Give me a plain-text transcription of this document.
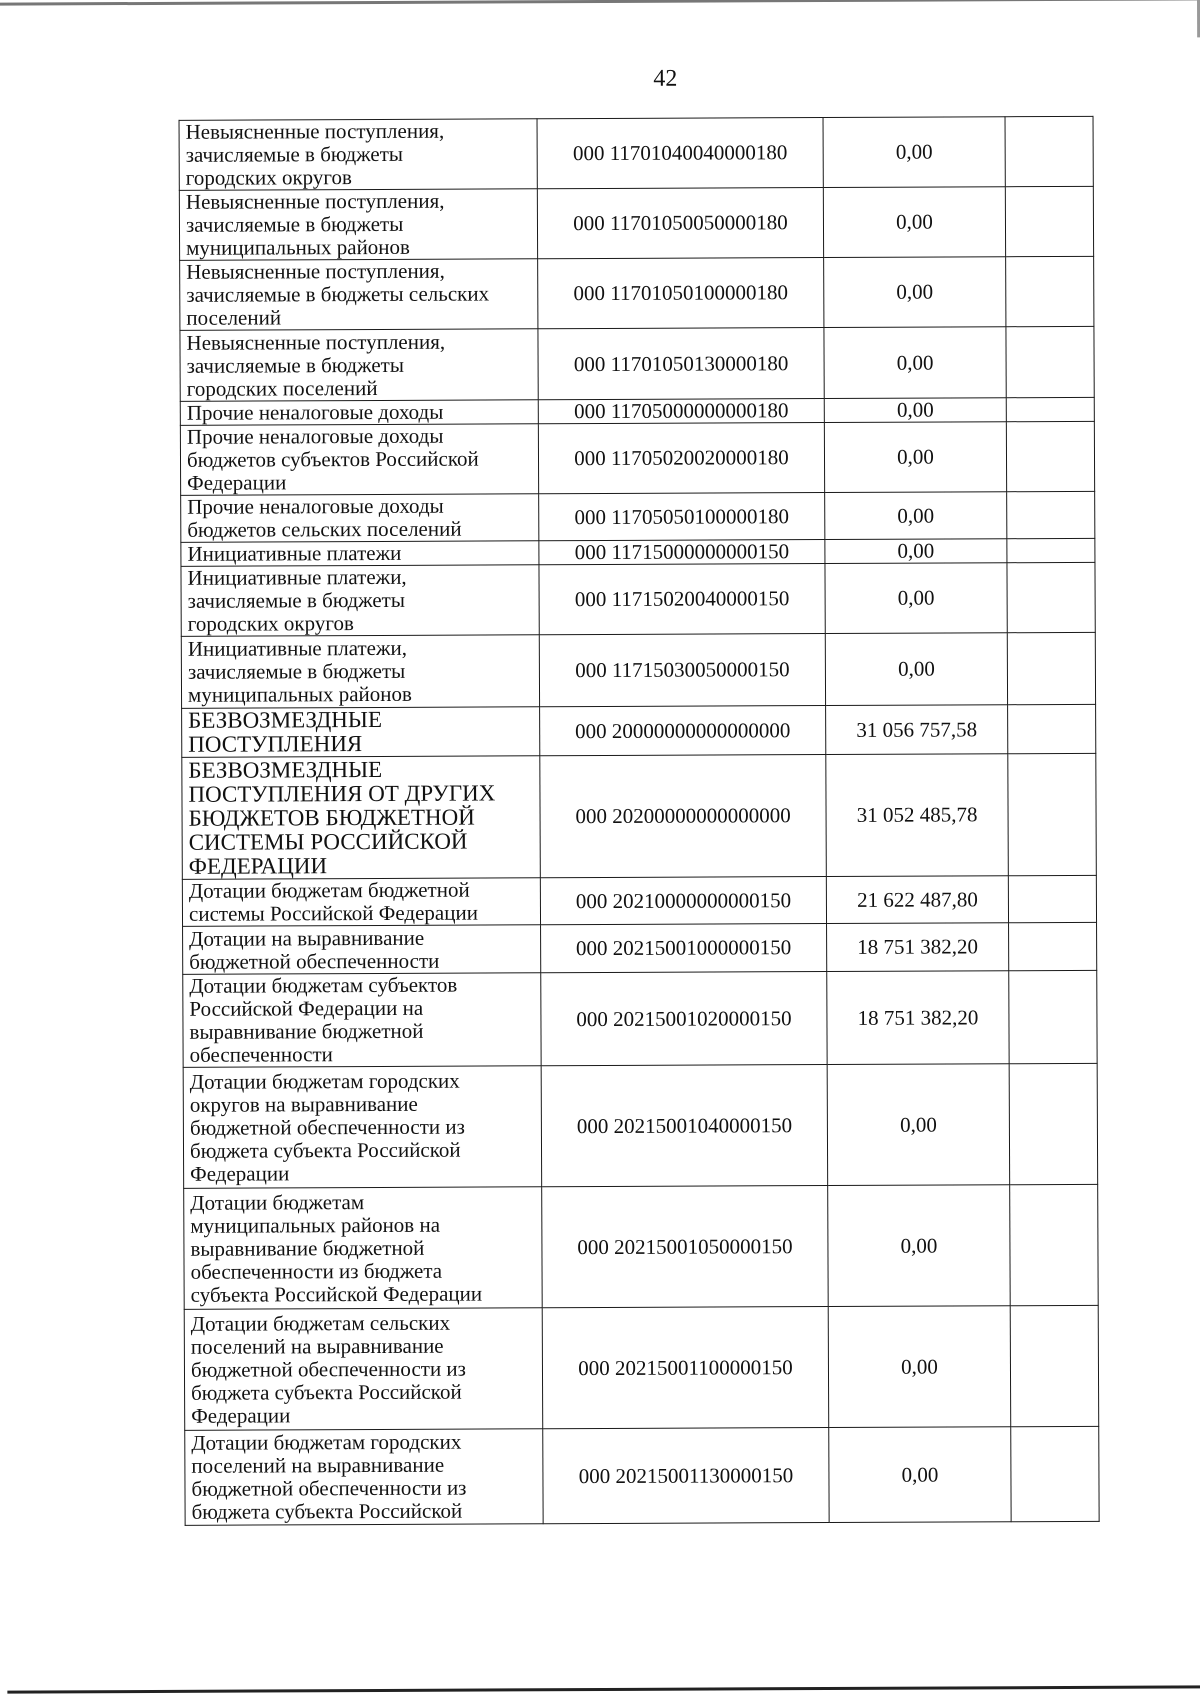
42
Невыясненные поступления,
зачисляемые в бюджеты
городских округов	000 11701040040000180	0,00	
Невыясненные поступления,
зачисляемые в бюджеты
муниципальных районов	000 11701050050000180	0,00	
Невыясненные поступления,
зачисляемые в бюджеты сельских
поселений	000 11701050100000180	0,00	
Невыясненные поступления,
зачисляемые в бюджеты
городских поселений	000 11701050130000180	0,00	
Прочие неналоговые доходы	000 11705000000000180	0,00	
Прочие неналоговые доходы
бюджетов субъектов Российской
Федерации	000 11705020020000180	0,00	
Прочие неналоговые доходы
бюджетов сельских поселений	000 11705050100000180	0,00	
Инициативные платежи	000 11715000000000150	0,00	
Инициативные платежи,
зачисляемые в бюджеты
городских округов	000 11715020040000150	0,00	
Инициативные платежи,
зачисляемые в бюджеты
муниципальных районов	000 11715030050000150	0,00	
БЕЗВОЗМЕЗДНЫЕ
ПОСТУПЛЕНИЯ	000 20000000000000000	31 056 757,58	
БЕЗВОЗМЕЗДНЫЕ
ПОСТУПЛЕНИЯ ОТ ДРУГИХ
БЮДЖЕТОВ БЮДЖЕТНОЙ
СИСТЕМЫ РОССИЙСКОЙ
ФЕДЕРАЦИИ	000 20200000000000000	31 052 485,78	
Дотации бюджетам бюджетной
системы Российской Федерации	000 20210000000000150	21 622 487,80	
Дотации на выравнивание
бюджетной обеспеченности	000 20215001000000150	18 751 382,20	
Дотации бюджетам субъектов
Российской Федерации на
выравнивание бюджетной
обеспеченности	000 20215001020000150	18 751 382,20	
Дотации бюджетам городских
округов на выравнивание
бюджетной обеспеченности из
бюджета субъекта Российской
Федерации	000 20215001040000150	0,00	
Дотации бюджетам
муниципальных районов на
выравнивание бюджетной
обеспеченности из бюджета
субъекта Российской Федерации	000 20215001050000150	0,00	
Дотации бюджетам сельских
поселений на выравнивание
бюджетной обеспеченности из
бюджета субъекта Российской
Федерации	000 20215001100000150	0,00	
Дотации бюджетам городских
поселений на выравнивание
бюджетной обеспеченности из
бюджета субъекта Российской	000 20215001130000150	0,00	
